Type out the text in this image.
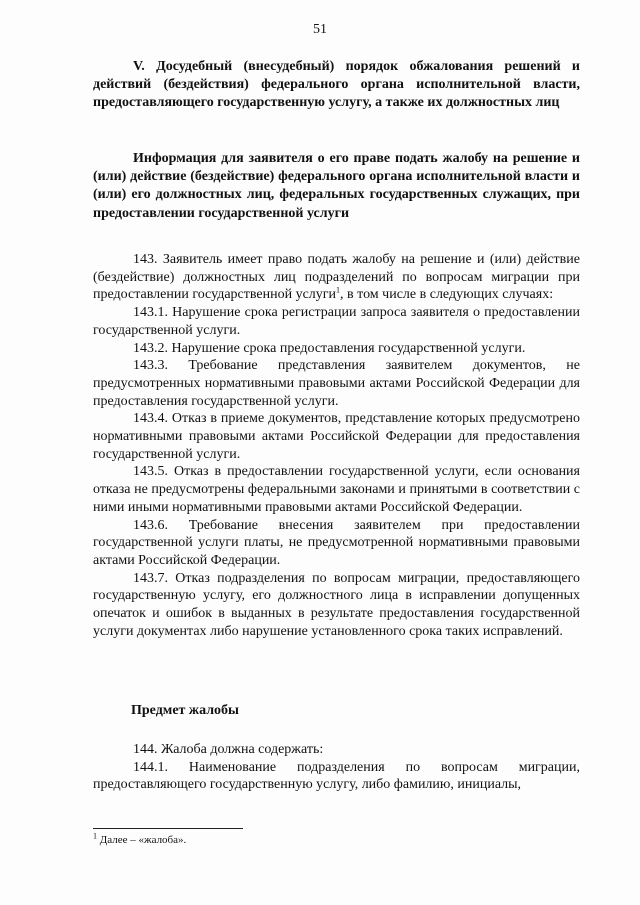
51
V. Досудебный (внесудебный) порядок обжалования решений и действий (бездействия) федерального органа исполнительной власти, предоставляющего государственную услугу, а также их должностных лиц
Информация для заявителя о его праве подать жалобу на решение и (или) действие (бездействие) федерального органа исполнительной власти и (или) его должностных лиц, федеральных государственных служащих, при предоставлении государственной услуги

143. Заявитель имеет право подать жалобу на решение и (или) действие (бездействие) должностных лиц подразделений по вопросам миграции при предоставлении государственной услуги$^1$, в том числе в следующих случаях:

143.1. Нарушение срока регистрации запроса заявителя о предоставлении государственной услуги.

143.2. Нарушение срока предоставления государственной услуги.

143.3. Требование представления заявителем документов, не предусмотренных нормативными правовыми актами Российской Федерации для предоставления государственной услуги.

143.4. Отказ в приеме документов, представление которых предусмотрено нормативными правовыми актами Российской Федерации для предоставления государственной услуги.

143.5. Отказ в предоставлении государственной услуги, если основания отказа не предусмотрены федеральными законами и принятыми в соответствии с ними иными нормативными правовыми актами Российской Федерации.

143.6. Требование внесения заявителем при предоставлении государственной услуги платы, не предусмотренной нормативными правовыми актами Российской Федерации.

143.7. Отказ подразделения по вопросам миграции, предоставляющего государственную услугу, его должностного лица в исправлении допущенных опечаток и ошибок в выданных в результате предоставления государственной услуги документах либо нарушение установленного срока таких исправлений.

Предмет жалобы

144. Жалоба должна содержать:

144.1. Наименование подразделения по вопросам миграции, предоставляющего государственную услугу, либо фамилию, инициалы,

$^1$ Далее – «жалоба».
